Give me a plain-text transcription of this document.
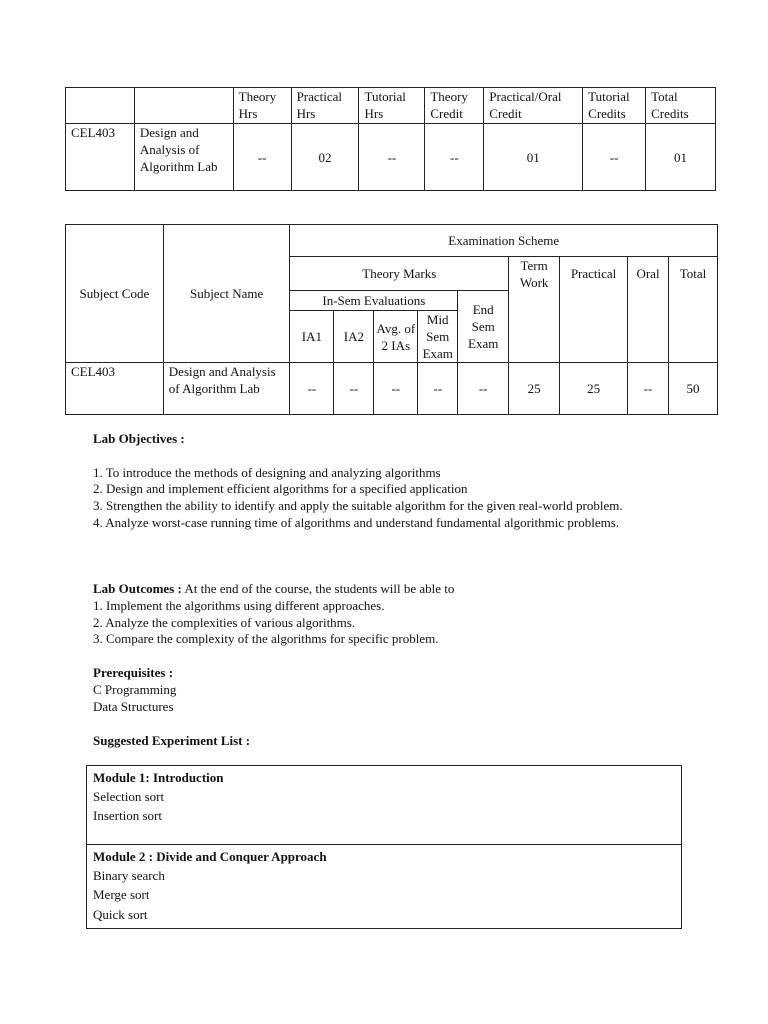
		Theory Hrs	Practical Hrs	Tutorial Hrs	Theory Credit	Practical/Oral Credit	Tutorial Credits	Total Credits
CEL403	Design and Analysis of Algorithm Lab	--	02	--	--	01	--	01
Subject Code	Subject Name	Examination Scheme								
		Theory Marks					Term Work	Practical	Oral	Total
		In-Sem Evaluations				End Sem Exam				
		IA1	IA2	Avg. of 2 IAs	Mid Sem Exam					
CEL403	Design and Analysis of Algorithm Lab	--	--	--	--	--	25	25	--	50

Lab Objectives :

1. To introduce the methods of designing and analyzing algorithms

2. Design and implement efficient algorithms for a specified application

3. Strengthen the ability to identify and apply the suitable algorithm for the given real-world problem.

4. Analyze worst-case running time of algorithms and understand fundamental algorithmic problems.

Lab Outcomes : At the end of the course, the students will be able to

1. Implement the algorithms using different approaches.

2. Analyze the complexities of various algorithms.

3. Compare the complexity of the algorithms for specific problem.

Prerequisites :

C Programming

Data Structures

Suggested Experiment List :

Module 1: Introduction
Selection sort
Insertion sort

Module 2 : Divide and Conquer Approach
Binary search
Merge sort
Quick sort
